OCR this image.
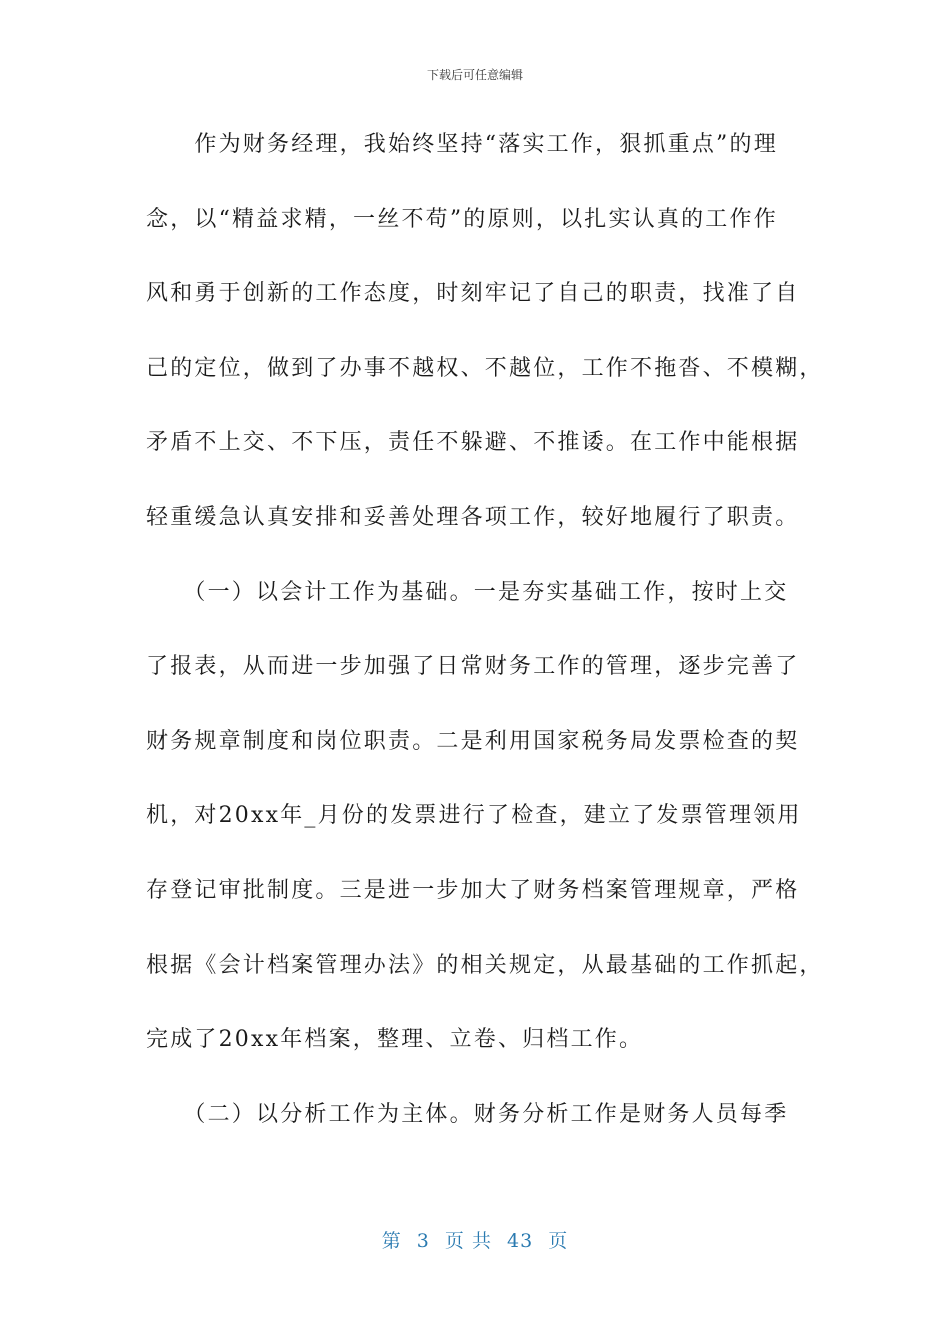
下载后可任意编辑
　　作为财务经理，我始终坚持“落实工作，狠抓重点”的理
念，以“精益求精，一丝不苟”的原则，以扎实认真的工作作
风和勇于创新的工作态度，时刻牢记了自己的职责，找准了自
己的定位，做到了办事不越权、不越位，工作不拖沓、不模糊，
矛盾不上交、不下压，责任不躲避、不推诿。在工作中能根据
轻重缓急认真安排和妥善处理各项工作，较好地履行了职责。
　　（一）以会计工作为基础。一是夯实基础工作，按时上交
了报表，从而进一步加强了日常财务工作的管理，逐步完善了
财务规章制度和岗位职责。二是利用国家税务局发票检查的契
机，对20xx年_月份的发票进行了检查，建立了发票管理领用
存登记审批制度。三是进一步加大了财务档案管理规章，严格
根据《会计档案管理办法》的相关规定，从最基础的工作抓起，
完成了20xx年档案，整理、立卷、归档工作。
　　（二）以分析工作为主体。财务分析工作是财务人员每季
第 3 页 共 43 页
